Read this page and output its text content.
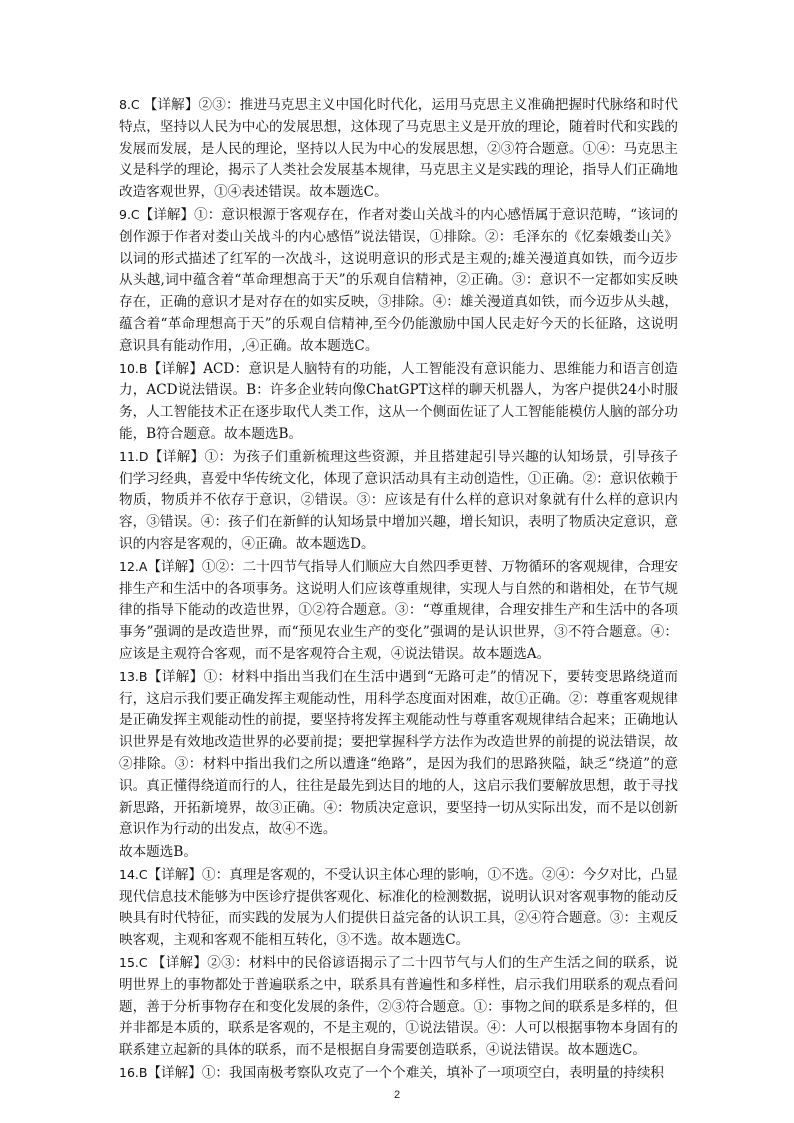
8.C 【详解】②③：推进马克思主义中国化时代化，运用马克思主义准确把握时代脉络和时代特点，坚持以人民为中心的发展思想，这体现了马克思主义是开放的理论，随着时代和实践的发展而发展，是人民的理论，坚持以人民为中心的发展思想，②③符合题意。①④：马克思主义是科学的理论，揭示了人类社会发展基本规律，马克思主义是实践的理论，指导人们正确地改造客观世界，①④表述错误。故本题选C。

9.C【详解】①：意识根源于客观存在，作者对娄山关战斗的内心感悟属于意识范畴，“该词的创作源于作者对娄山关战斗的内心感悟”说法错误，①排除。②：毛泽东的《忆秦娥娄山关》以词的形式描述了红军的一次战斗，这说明意识的形式是主观的;雄关漫道真如铁，而今迈步从头越,词中蕴含着“革命理想高于天”的乐观自信精神，②正确。③：意识不一定都如实反映存在，正确的意识才是对存在的如实反映，③排除。④：雄关漫道真如铁，而今迈步从头越，蕴含着“革命理想高于天”的乐观自信精神,至今仍能激励中国人民走好今天的长征路，这说明意识具有能动作用，,④正确。故本题选C。

10.B【详解】ACD：意识是人脑特有的功能，人工智能没有意识能力、思维能力和语言创造力，ACD说法错误。B：许多企业转向像ChatGPT这样的聊天机器人，为客户提供24小时服务，人工智能技术正在逐步取代人类工作，这从一个侧面佐证了人工智能能模仿人脑的部分功能，B符合题意。故本题选B。

11.D【详解】①：为孩子们重新梳理这些资源，并且搭建起引导兴趣的认知场景，引导孩子们学习经典，喜爱中华传统文化，体现了意识活动具有主动创造性，①正确。②：意识依赖于物质，物质并不依存于意识，②错误。③：应该是有什么样的意识对象就有什么样的意识内容，③错误。④：孩子们在新鲜的认知场景中增加兴趣，增长知识，表明了物质决定意识，意识的内容是客观的，④正确。故本题选D。

12.A【详解】①②：二十四节气指导人们顺应大自然四季更替、万物循环的客观规律，合理安排生产和生活中的各项事务。这说明人们应该尊重规律，实现人与自然的和谐相处，在节气规律的指导下能动的改造世界，①②符合题意。③：“尊重规律，合理安排生产和生活中的各项事务”强调的是改造世界，而“预见农业生产的变化”强调的是认识世界，③不符合题意。④：应该是主观符合客观，而不是客观符合主观，④说法错误。故本题选A。

13.B【详解】①：材料中指出当我们在生活中遇到“无路可走”的情况下，要转变思路绕道而行，这启示我们要正确发挥主观能动性，用科学态度面对困难，故①正确。②：尊重客观规律是正确发挥主观能动性的前提，要坚持将发挥主观能动性与尊重客观规律结合起来；正确地认识世界是有效地改造世界的必要前提；要把掌握科学方法作为改造世界的前提的说法错误，故②排除。③：材料中指出我们之所以遭逢“绝路”，是因为我们的思路狭隘，缺乏“绕道”的意识。真正懂得绕道而行的人，往往是最先到达目的地的人，这启示我们要解放思想，敢于寻找新思路，开拓新境界，故③正确。④：物质决定意识，要坚持一切从实际出发，而不是以创新意识作为行动的出发点，故④不选。

故本题选B。

14.C【详解】①：真理是客观的，不受认识主体心理的影响，①不选。②④：今夕对比，凸显现代信息技术能够为中医诊疗提供客观化、标准化的检测数据，说明认识对客观事物的能动反映具有时代特征，而实践的发展为人们提供日益完备的认识工具，②④符合题意。③：主观反映客观，主观和客观不能相互转化，③不选。故本题选C。

15.C 【详解】②③：材料中的民俗谚语揭示了二十四节气与人们的生产生活之间的联系，说明世界上的事物都处于普遍联系之中，联系具有普遍性和多样性，启示我们用联系的观点看问题，善于分析事物存在和变化发展的条件，②③符合题意。①：事物之间的联系是多样的，但并非都是本质的，联系是客观的，不是主观的，①说法错误。④：人可以根据事物本身固有的联系建立起新的具体的联系，而不是根据自身需要创造联系，④说法错误。故本题选C。

16.B【详解】①：我国南极考察队攻克了一个个难关，填补了一项项空白，表明量的持续积

2
